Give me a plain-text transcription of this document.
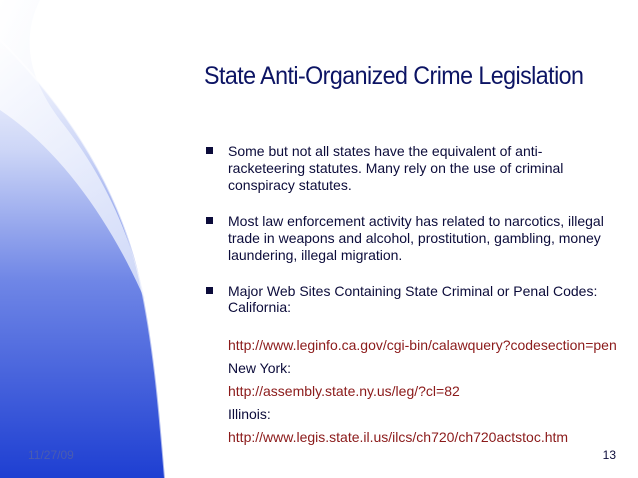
State Anti-Organized Crime Legislation
Some but not all states have the equivalent of anti-
racketeering statutes. Many rely on the use of criminal
conspiracy statutes.
Most law enforcement activity has related to narcotics, illegal
trade in weapons and alcohol, prostitution, gambling, money
laundering, illegal migration.
Major Web Sites Containing State Criminal or Penal Codes:
California:
http://www.leginfo.ca.gov/cgi-bin/calawquery?codesection=pen
New York:
http://assembly.state.ny.us/leg/?cl=82
Illinois:
http://www.legis.state.il.us/ilcs/ch720/ch720actstoc.htm
11/27/09	13
